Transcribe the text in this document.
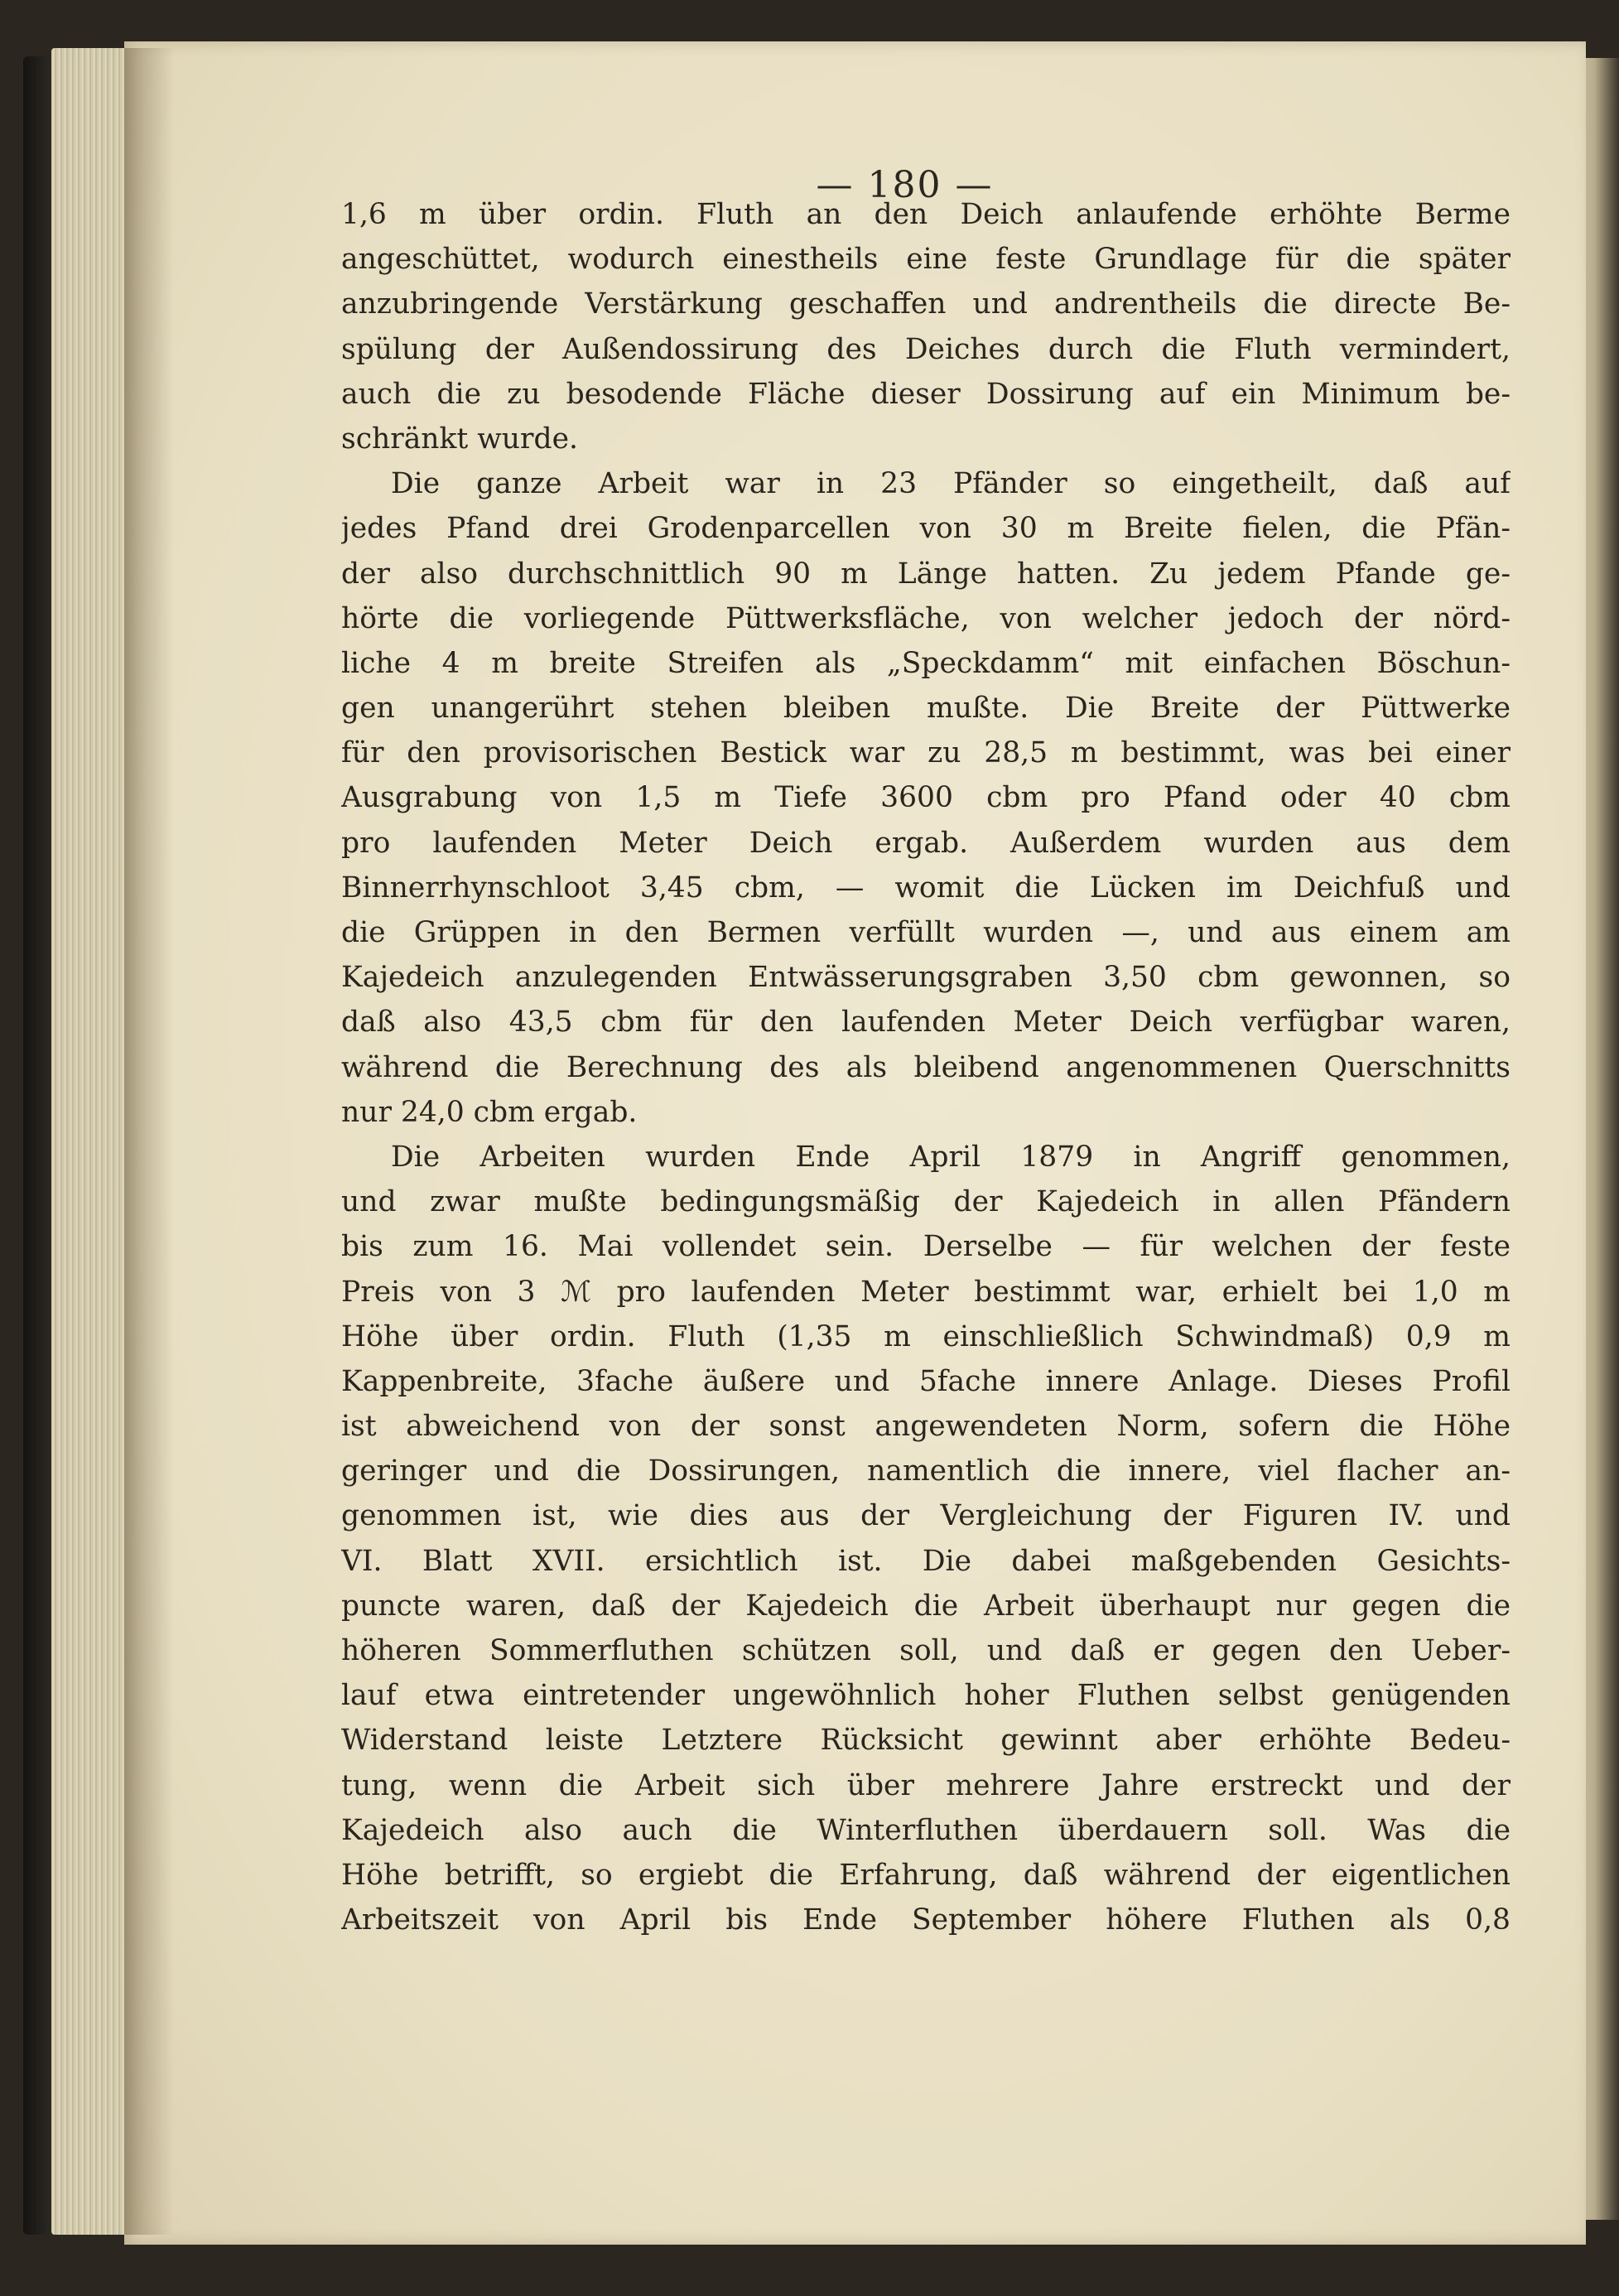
— 180 —
1,6 m über ordin. Fluth an den Deich anlaufende erhöhte Berme
angeschüttet, wodurch einestheils eine feste Grundlage für die später
anzubringende Verstärkung geschaffen und andrentheils die directe Be-
spülung der Außendossirung des Deiches durch die Fluth vermindert,
auch die zu besodende Fläche dieser Dossirung auf ein Minimum be-
schränkt wurde.
Die ganze Arbeit war in 23 Pfänder so eingetheilt, daß auf
jedes Pfand drei Grodenparcellen von 30 m Breite fielen, die Pfän-
der also durchschnittlich 90 m Länge hatten. Zu jedem Pfande ge-
hörte die vorliegende Püttwerksfläche, von welcher jedoch der nörd-
liche 4 m breite Streifen als „Speckdamm“ mit einfachen Böschun-
gen unangerührt stehen bleiben mußte. Die Breite der Püttwerke
für den provisorischen Bestick war zu 28,5 m bestimmt, was bei einer
Ausgrabung von 1,5 m Tiefe 3600 cbm pro Pfand oder 40 cbm
pro laufenden Meter Deich ergab. Außerdem wurden aus dem
Binnerrhynschloot 3,45 cbm, — womit die Lücken im Deichfuß und
die Grüppen in den Bermen verfüllt wurden —, und aus einem am
Kajedeich anzulegenden Entwässerungsgraben 3,50 cbm gewonnen, so
daß also 43,5 cbm für den laufenden Meter Deich verfügbar waren,
während die Berechnung des als bleibend angenommenen Querschnitts
nur 24,0 cbm ergab.
Die Arbeiten wurden Ende April 1879 in Angriff genommen,
und zwar mußte bedingungsmäßig der Kajedeich in allen Pfändern
bis zum 16. Mai vollendet sein. Derselbe — für welchen der feste
Preis von 3 ℳ pro laufenden Meter bestimmt war, erhielt bei 1,0 m
Höhe über ordin. Fluth (1,35 m einschließlich Schwindmaß) 0,9 m
Kappenbreite, 3fache äußere und 5fache innere Anlage. Dieses Profil
ist abweichend von der sonst angewendeten Norm, sofern die Höhe
geringer und die Dossirungen, namentlich die innere, viel flacher an-
genommen ist, wie dies aus der Vergleichung der Figuren IV. und
VI. Blatt XVII. ersichtlich ist. Die dabei maßgebenden Gesichts-
puncte waren, daß der Kajedeich die Arbeit überhaupt nur gegen die
höheren Sommerfluthen schützen soll, und daß er gegen den Ueber-
lauf etwa eintretender ungewöhnlich hoher Fluthen selbst genügenden
Widerstand leiste Letztere Rücksicht gewinnt aber erhöhte Bedeu-
tung, wenn die Arbeit sich über mehrere Jahre erstreckt und der
Kajedeich also auch die Winterfluthen überdauern soll. Was die
Höhe betrifft, so ergiebt die Erfahrung, daß während der eigentlichen
Arbeitszeit von April bis Ende September höhere Fluthen als 0,8
